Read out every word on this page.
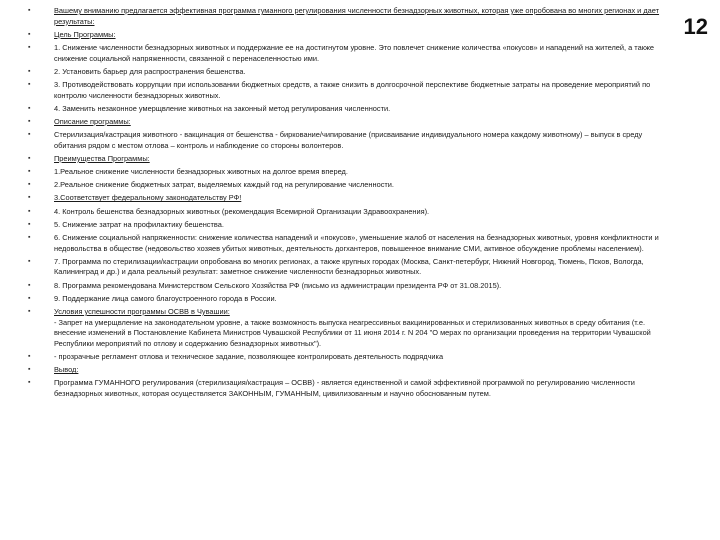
12
▪ Вашему вниманию предлагается эффективная программа гуманного регулирования численности безнадзорных животных, которая уже опробована во многих регионах и дает результаты:
▪ Цель Программы:
▪ 1. Снижение численности безнадзорных животных и поддержание ее на достигнутом уровне. Это повлечет снижение количества «покусов» и нападений на жителей, а также снижение социальной напряженности, связанной с перенаселенностью ими.
▪ 2. Установить барьер для распространения бешенства.
▪ 3. Противодействовать коррупции при использовании бюджетных средств, а также снизить в долгосрочной перспективе бюджетные затраты на проведение мероприятий по контролю численности безнадзорных животных.
▪ 4. Заменить незаконное умерщвление животных на законный метод регулирования численности.
▪ Описание программы:
▪ Стерилизация/кастрация животного - вакцинация от бешенства - биркование/чипирование (присваивание индивидуального номера каждому животному) – выпуск в среду обитания рядом с местом отлова – контроль и наблюдение со стороны волонтеров.
▪ Преимущества Программы:
▪ 1.Реальное снижение численности безнадзорных животных на долгое время вперед.
▪ 2.Реальное снижение бюджетных затрат, выделяемых каждый год на регулирование численности.
▪ 3.Соответствует федеральному законодательству РФ!
▪ 4. Контроль бешенства безнадзорных животных (рекомендация Всемирной Организации Здравоохранения).
▪ 5. Снижение затрат на профилактику бешенства.
▪ 6. Снижение социальной напряженности: снижение количества нападений и «покусов», уменьшение жалоб от населения на безнадзорных животных, уровня конфликтности и недовольства в обществе (недовольство хозяев убитых животных, деятельность догхантеров, повышенное внимание СМИ, активное обсуждение проблемы населением).
▪ 7. Программа по стерилизации/кастрации опробована во многих регионах, а также крупных городах (Москва, Санкт-петербург, Нижний Новгород, Тюмень, Псков, Вологда, Калининград и др.) и дала реальный результат: заметное снижение численности безнадзорных животных.
▪ 8. Программа рекомендована Министерством Сельского Хозяйства РФ (письмо из администрации президента РФ от 31.08.2015).
▪ 9. Поддержание лица самого благоустроенного города в России.
▪ Условия успешности программы ОСВВ в Чувашии:
- Запрет на умерщвление на законодательном уровне, а также возможность выпуска неагрессивных вакцинированных и стерилизованных животных в среду обитания (т.е. внесение изменений в Постановление Кабинета Министров Чувашской Республики от 11 июня 2014 г. N 204 "О мерах по организации проведения на территории Чувашской Республики мероприятий по отлову и содержанию безнадзорных животных").
▪ - прозрачные регламент отлова и техническое задание, позволяющее контролировать деятельность подрядчика
▪ Вывод:
▪ Программа ГУМАННОГО регулирования (стерилизация/кастрация – ОСВВ) - является единственной и самой эффективной программой по регулированию численности безнадзорных животных, которая осуществляется ЗАКОННЫМ, ГУМАННЫМ, цивилизованным и научно обоснованным путем.
